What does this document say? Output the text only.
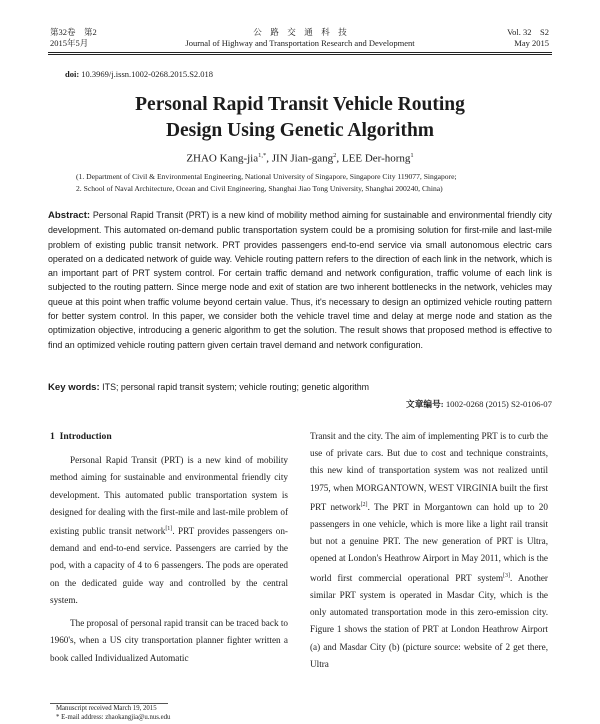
第32卷　第2
2015年5月
公　路　交　通　科　技
Journal of Highway and Transportation Research and Development
Vol. 32　S2
May 2015
doi: 10.3969/j.issn.1002-0268.2015.S2.018
Personal Rapid Transit Vehicle Routing
Design Using Genetic Algorithm
ZHAO Kang-jia$^{1,*}$, JIN Jian-gang$^2$, LEE Der-horng$^1$
(1. Department of Civil & Environmental Engineering, National University of Singapore, Singapore City 119077, Singapore;
2. School of Naval Architecture, Ocean and Civil Engineering, Shanghai Jiao Tong University, Shanghai 200240, China)
Abstract: Personal Rapid Transit (PRT) is a new kind of mobility method aiming for sustainable and environmental friendly city development. This automated on-demand public transportation system could be a promising solution for first-mile and last-mile problem of existing public transit network. PRT provides passengers end-to-end service via small autonomous electric cars operated on a dedicated network of guide way. Vehicle routing pattern refers to the direction of each link in the network, which is an important part of PRT system control. For certain traffic demand and network configuration, traffic volume of each link is subjected to the routing pattern. Since merge node and exit of station are two inherent bottlenecks in the network, vehicles may queue at this point when traffic volume beyond certain value. Thus, it's necessary to design an optimized vehicle routing pattern for better system control. In this paper, we consider both the vehicle travel time and delay at merge node and station as the optimization objective, introducing a generic algorithm to get the solution. The result shows that proposed method is effective to find an optimized vehicle routing pattern given certain travel demand and network configuration.
Key words: ITS; personal rapid transit system; vehicle routing; genetic algorithm
文章编号: 1002-0268 (2015) S2-0106-07
1 Introduction

Personal Rapid Transit (PRT) is a new kind of mobility method aiming for sustainable and environmental friendly city development. This automated public transportation system is designed for dealing with the first-mile and last-mile problem of existing public transit network[1]. PRT provides passengers on-demand and end-to-end service. Passengers are carried by the pod, with a capacity of 4 to 6 passengers. The pods are operated on the dedicated guide way and controlled by the central system.

The proposal of personal rapid transit can be traced back to 1960's, when a US city transportation planner fighter written a book called Individualized Automatic

Transit and the city. The aim of implementing PRT is to curb the use of private cars. But due to cost and technique constraints, this new kind of transportation system was not realized until 1975, when MORGANTOWN, WEST VIRGINIA built the first PRT network[2]. The PRT in Morgantown can hold up to 20 passengers in one vehicle, which is more like a light rail transit but not a genuine PRT. The new generation of PRT is Ultra, opened at London's Heathrow Airport in May 2011, which is the world first commercial operational PRT system[3]. Another similar PRT system is operated in Masdar City, which is the only automated transportation mode in this zero-emission city. Figure 1 shows the station of PRT at London Heathrow Airport (a) and Masdar City (b) (picture source: website of 2 get there, Ultra

Manuscript received March 19, 2015
* E-mail address: zhaokangjia@u.nus.edu
